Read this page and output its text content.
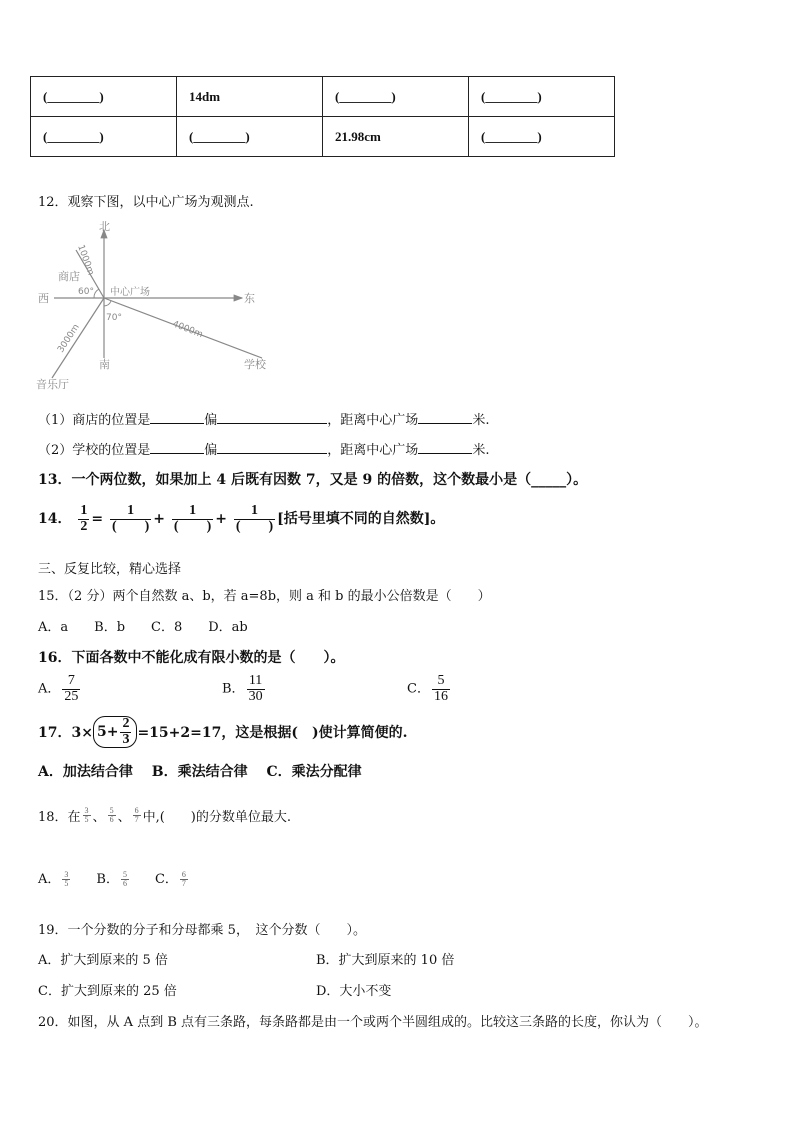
(________)	14dm	(________)	(________)
(________)	(________)	21.98cm	(________)
12．观察下图，以中心广场为观测点.
北
南
西	东
中心广场
商店
学校
音乐厅
60°
70°
1000m
4000m
3000m
（1）商店的位置是	偏	，距离中心广场	米.
（2）学校的位置是	偏	，距离中心广场	米.
13．一个两位数，如果加上 4 后既有因数 7，又是 9 的倍数，这个数最小是（_____）。
14． $\frac{1}{2} = \frac{1}{( )} + \frac{1}{( )} + \frac{1}{( )}$ [括号里填不同的自然数]。
三、反复比较，精心选择
15．（2 分）两个自然数 a、b，若 a=8b，则 a 和 b 的最小公倍数是（　　）
A．a　　B．b　　C．8　　D．ab
16．下面各数中不能化成有限小数的是（　　）。
A． $\frac{7}{25}$	B． $\frac{11}{30}$	C． $\frac{5}{16}$
17．$3\times 5+ \frac{2}{3} =15+2=17$，这是根据(　)使计算简便的.
A．加法结合律　 B．乘法结合律　 C．乘法分配律
18．在 $\frac{3}{5}$ 、 $\frac{5}{6}$ 、 $\frac{6}{7}$ 中,(　　)的分数单位最大.
A． $\frac{3}{5}$ B． $\frac{5}{6}$ C． $\frac{6}{7}$
19．一个分数的分子和分母都乘 5，　这个分数（　　）。
A．扩大到原来的 5 倍	B．扩大到原来的 10 倍
C．扩大到原来的 25 倍	D．大小不变
20．如图，从 A 点到 B 点有三条路，每条路都是由一个或两个半圆组成的。比较这三条路的长度，你认为（　　）。
